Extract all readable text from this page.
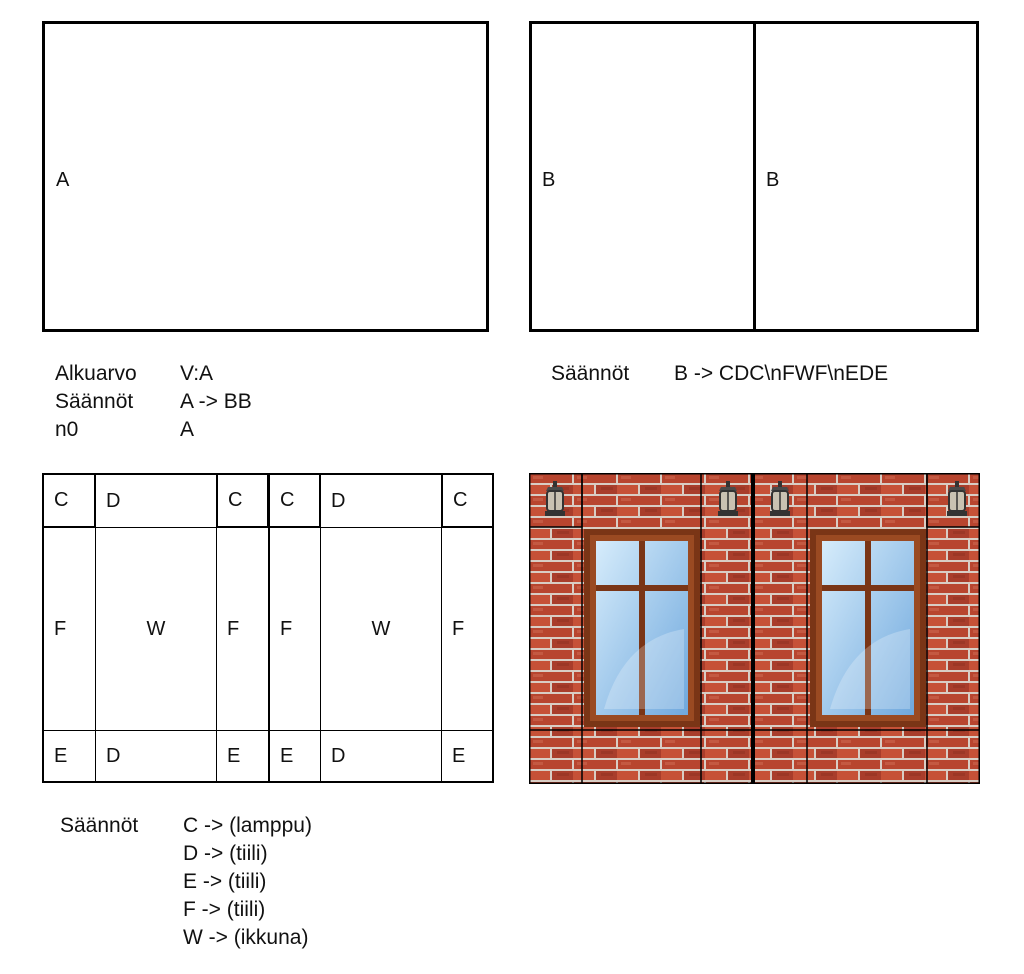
A	B	B
Alkuarvo V:A
Säännöt A -> BB
n0	A
Säännöt B -> CDC\nFWF\nEDE
C	D	C	C	D	C
F	W	F	F	W	F
E	D	E	E	D	E
Säännöt C -> (lamppu)
D -> (tiili)
E -> (tiili)
F -> (tiili)
W -> (ikkuna)
